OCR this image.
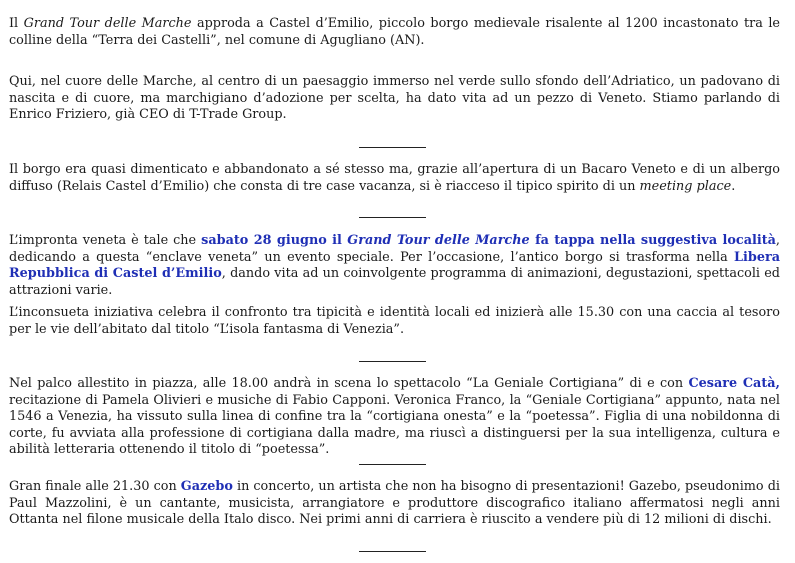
Il Grand Tour delle Marche approda a Castel d’Emilio, piccolo borgo medievale risalente al 1200 incastonato tra le colline della “Terra dei Castelli”, nel comune di Agugliano (AN).

Qui, nel cuore delle Marche, al centro di un paesaggio immerso nel verde sullo sfondo dell’Adriatico, un padovano di nascita e di cuore, ma marchigiano d’adozione per scelta, ha dato vita ad un pezzo di Veneto. Stiamo parlando di Enrico Friziero, già CEO di T-Trade Group.

Il borgo era quasi dimenticato e abbandonato a sé stesso ma, grazie all’apertura di un Bacaro Veneto e di un albergo diffuso (Relais Castel d’Emilio) che consta di tre case vacanza, si è riacceso il tipico spirito di un meeting place.

L’impronta veneta è tale che sabato 28 giugno il Grand Tour delle Marche fa tappa nella suggestiva località, dedicando a questa “enclave veneta” un evento speciale. Per l’occasione, l’antico borgo si trasforma nella Libera Repubblica di Castel d’Emilio, dando vita ad un coinvolgente programma di animazioni, degustazioni, spettacoli ed attrazioni varie.

L’inconsueta iniziativa celebra il confronto tra tipicità e identità locali ed inizierà alle 15.30 con una caccia al tesoro per le vie dell’abitato dal titolo “L’isola fantasma di Venezia”.

Nel palco allestito in piazza, alle 18.00 andrà in scena lo spettacolo “La Geniale Cortigiana” di e con Cesare Catà, recitazione di Pamela Olivieri e musiche di Fabio Capponi. Veronica Franco, la “Geniale Cortigiana” appunto, nata nel 1546 a Venezia, ha vissuto sulla linea di confine tra la “cortigiana onesta” e la “poetessa”. Figlia di una nobildonna di corte, fu avviata alla professione di cortigiana dalla madre, ma riuscì a distinguersi per la sua intelligenza, cultura e abilità letteraria ottenendo il titolo di “poetessa”.

Gran finale alle 21.30 con Gazebo in concerto, un artista che non ha bisogno di presentazioni! Gazebo, pseudonimo di Paul Mazzolini, è un cantante, musicista, arrangiatore e produttore discografico italiano affermatosi negli anni Ottanta nel filone musicale della Italo disco. Nei primi anni di carriera è riuscito a vendere più di 12 milioni di dischi.
